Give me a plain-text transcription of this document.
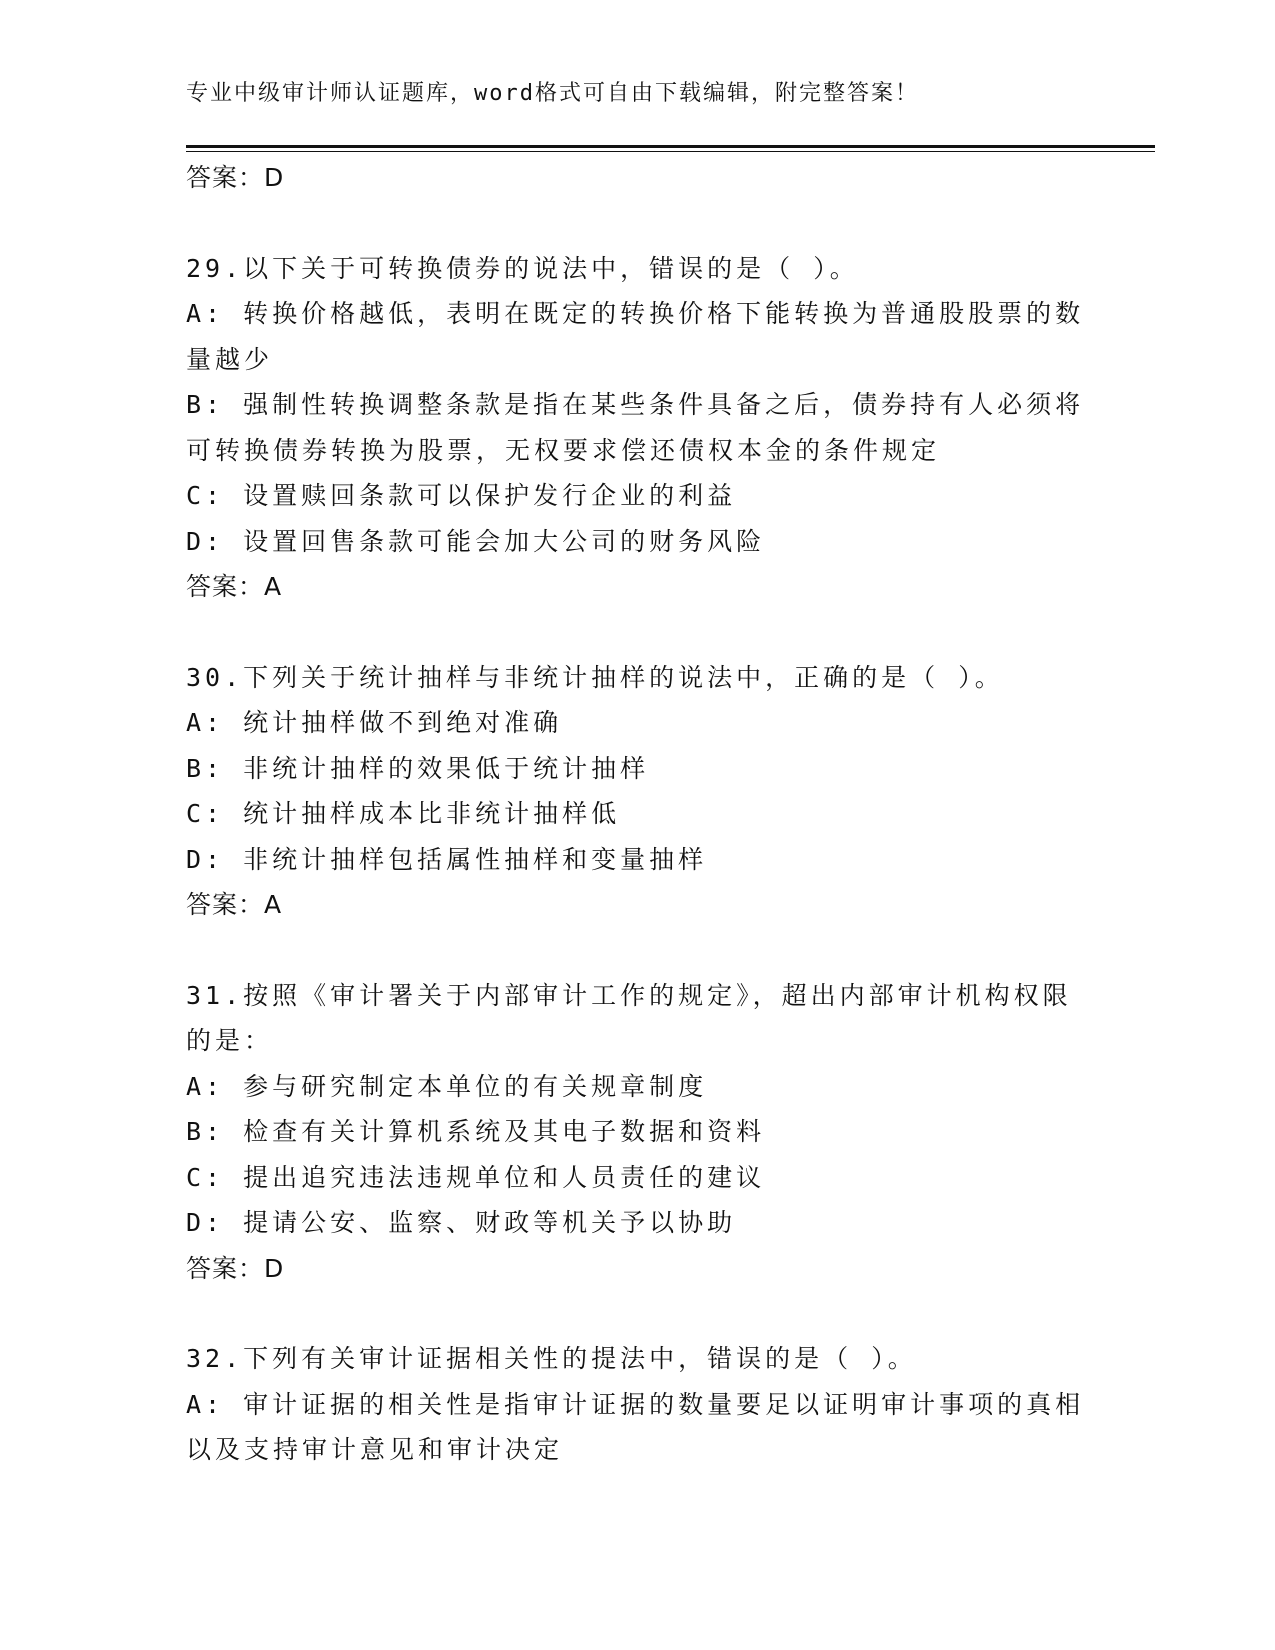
专业中级审计师认证题库，word格式可自由下载编辑，附完整答案！
答案：D
29.以下关于可转换债券的说法中，错误的是（ ）。
A: 转换价格越低，表明在既定的转换价格下能转换为普通股股票的数
量越少
B: 强制性转换调整条款是指在某些条件具备之后，债券持有人必须将
可转换债券转换为股票，无权要求偿还债权本金的条件规定
C: 设置赎回条款可以保护发行企业的利益
D: 设置回售条款可能会加大公司的财务风险
答案：A
30.下列关于统计抽样与非统计抽样的说法中，正确的是（ ）。
A: 统计抽样做不到绝对准确
B: 非统计抽样的效果低于统计抽样
C: 统计抽样成本比非统计抽样低
D: 非统计抽样包括属性抽样和变量抽样
答案：A
31.按照《审计署关于内部审计工作的规定》，超出内部审计机构权限
的是：
A: 参与研究制定本单位的有关规章制度
B: 检查有关计算机系统及其电子数据和资料
C: 提出追究违法违规单位和人员责任的建议
D: 提请公安、监察、财政等机关予以协助
答案：D
32.下列有关审计证据相关性的提法中，错误的是（ ）。
A: 审计证据的相关性是指审计证据的数量要足以证明审计事项的真相
以及支持审计意见和审计决定
